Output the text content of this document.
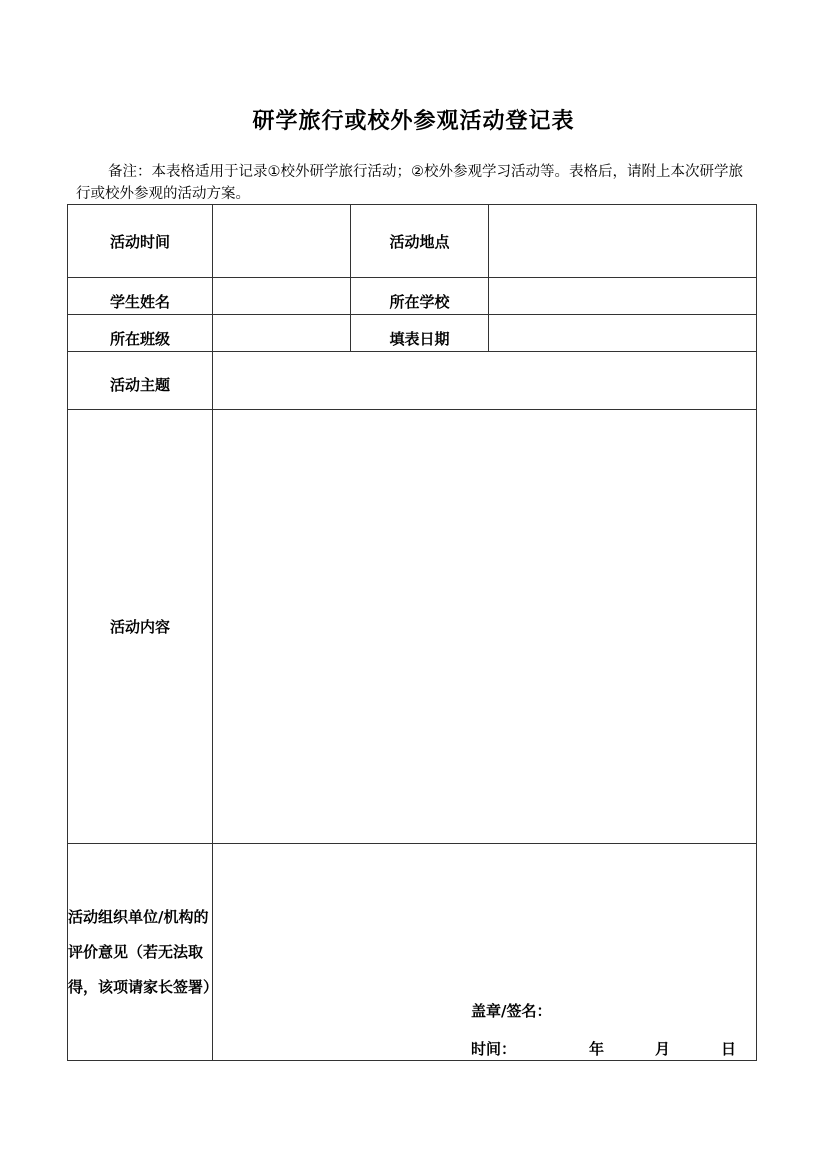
研学旅行或校外参观活动登记表
备注：本表格适用于记录①校外研学旅行活动；②校外参观学习活动等。表格后，请附上本次研学旅行或校外参观的活动方案。
活动时间		活动地点	
学生姓名		所在学校	
所在班级		填表日期	
活动主题			
活动内容			
活动组织单位/机构的评价意见（若无法取得，该项请家长签署）	盖章/签名：
时间： 年 月 日		
